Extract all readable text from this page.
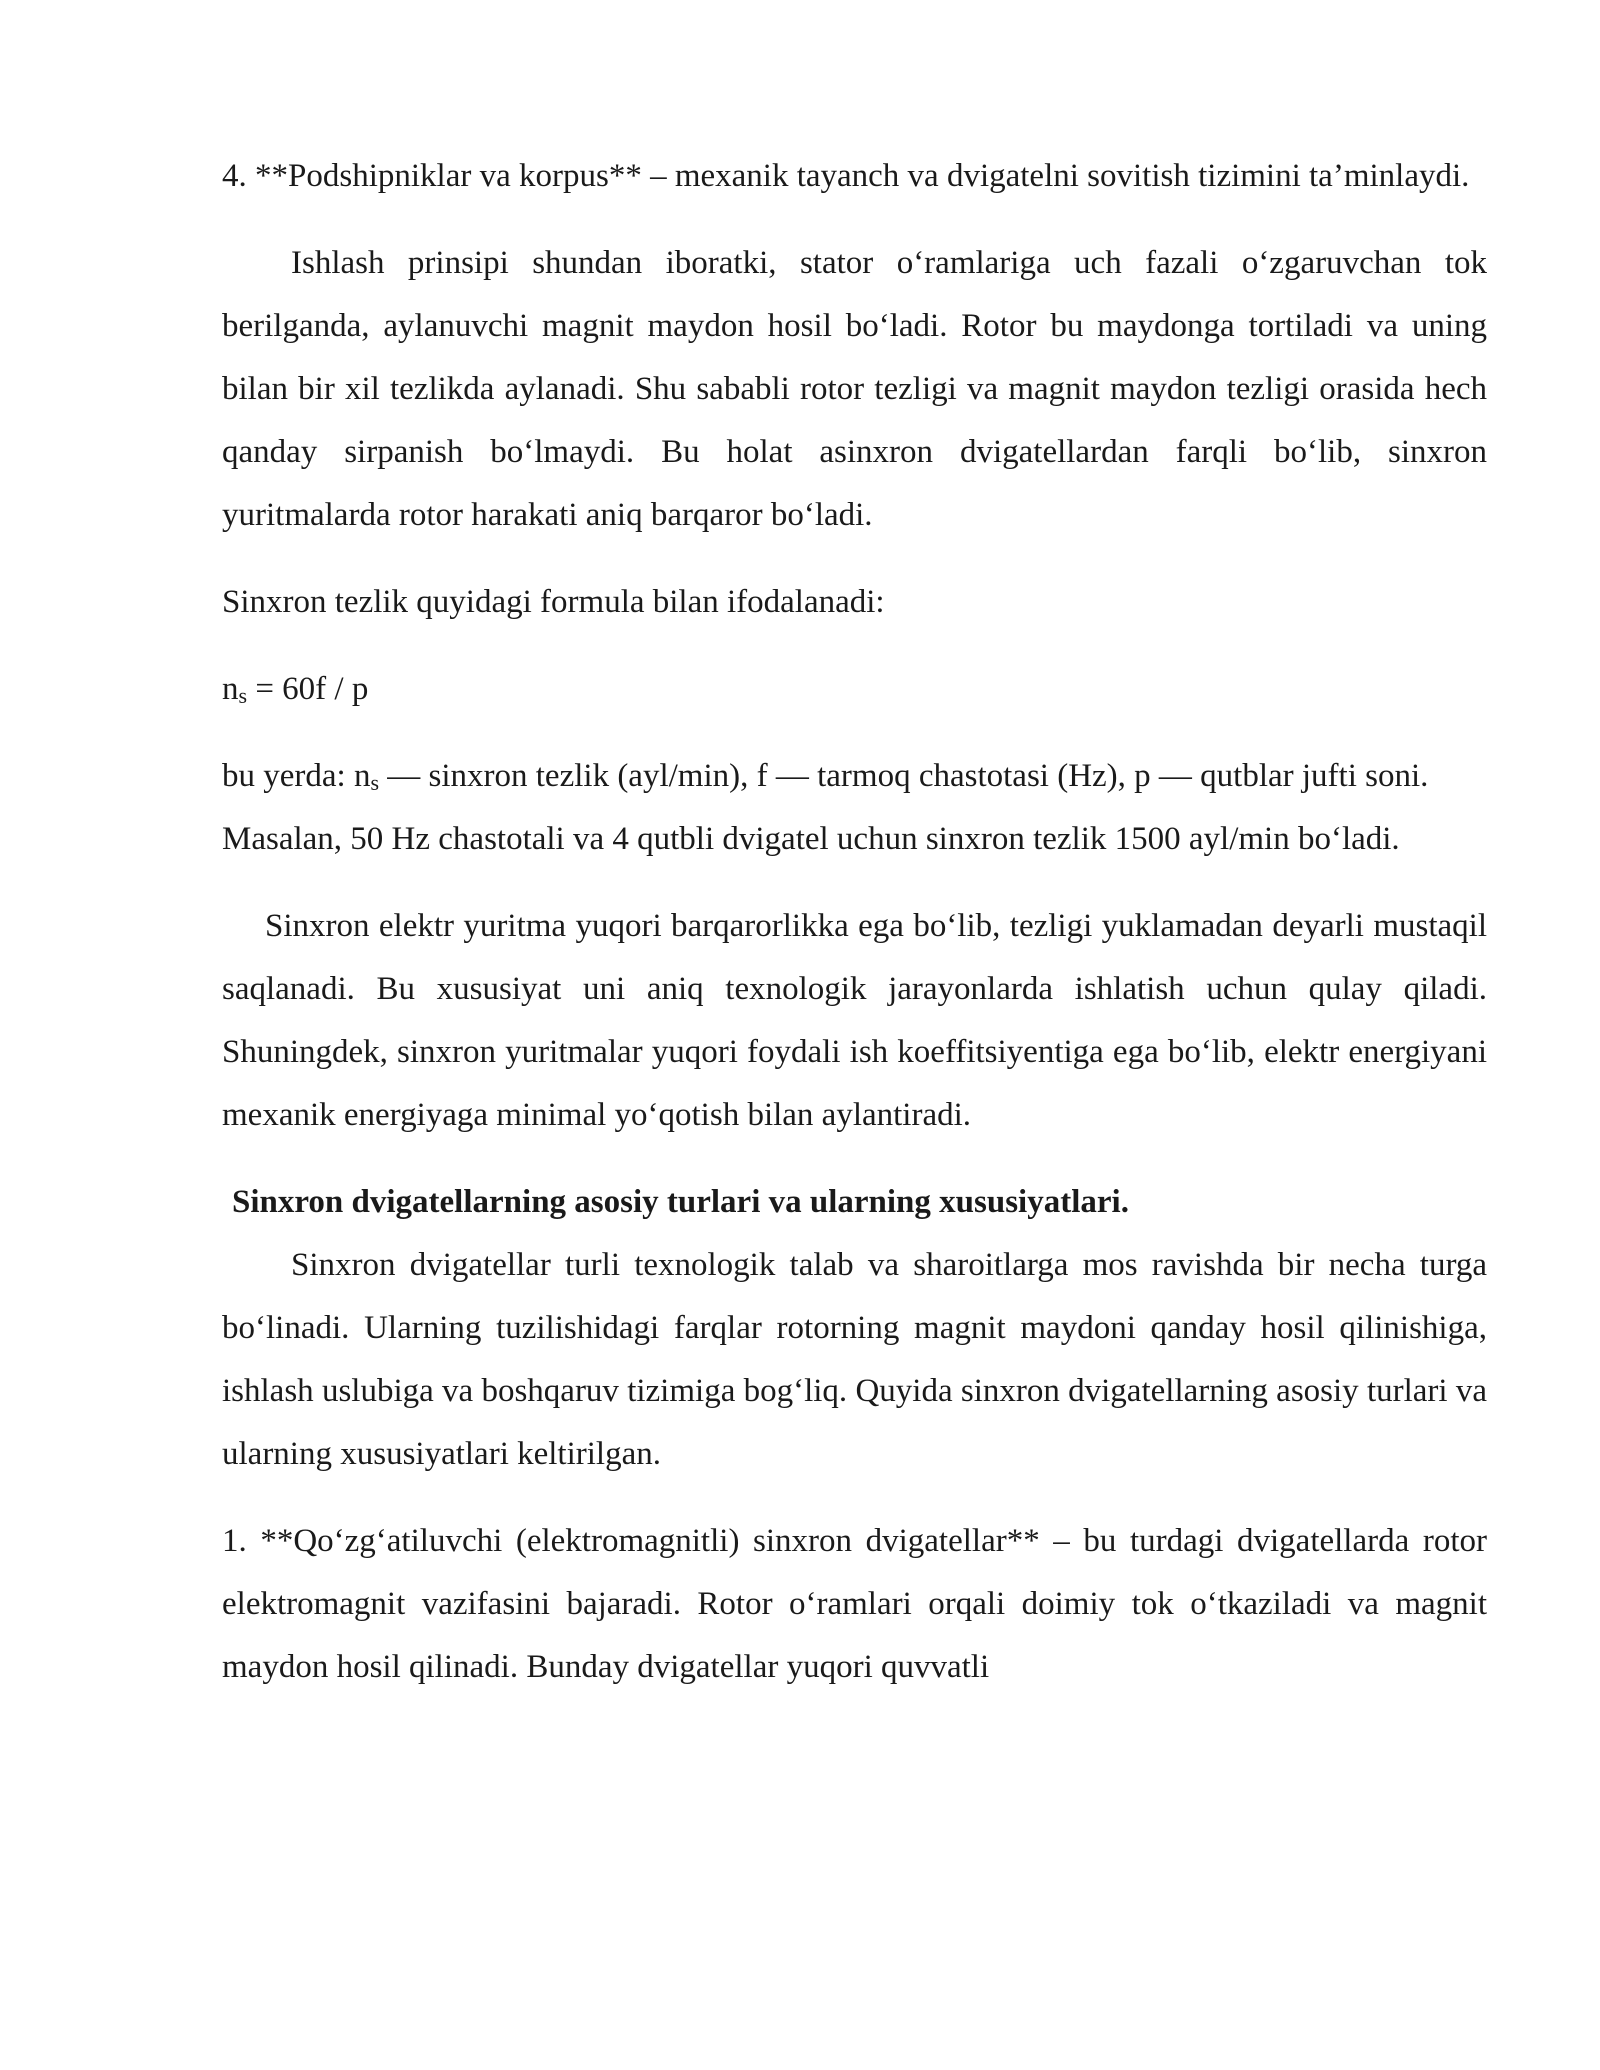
4. **Podshipniklar va korpus** – mexanik tayanch va dvigatelni sovitish tizimini ta’minlaydi.

Ishlash prinsipi shundan iboratki, stator o‘ramlariga uch fazali o‘zgaruvchan tok berilganda, aylanuvchi magnit maydon hosil bo‘ladi. Rotor bu maydonga tortiladi va uning bilan bir xil tezlikda aylanadi. Shu sababli rotor tezligi va magnit maydon tezligi orasida hech qanday sirpanish bo‘lmaydi. Bu holat asinxron dvigatellardan farqli bo‘lib, sinxron yuritmalarda rotor harakati aniq barqaror bo‘ladi.

Sinxron tezlik quyidagi formula bilan ifodalanadi:

$n_s = 60f / p$

bu yerda: $n_s$ — sinxron tezlik (ayl/min), f — tarmoq chastotasi (Hz), p — qutblar jufti soni.

Masalan, 50 Hz chastotali va 4 qutbli dvigatel uchun sinxron tezlik 1500 ayl/min bo‘ladi.

Sinxron elektr yuritma yuqori barqarorlikka ega bo‘lib, tezligi yuklamadan deyarli mustaqil saqlanadi. Bu xususiyat uni aniq texnologik jarayonlarda ishlatish uchun qulay qiladi. Shuningdek, sinxron yuritmalar yuqori foydali ish koeffitsiyentiga ega bo‘lib, elektr energiyani mexanik energiyaga minimal yo‘qotish bilan aylantiradi.

Sinxron dvigatellarning asosiy turlari va ularning xususiyatlari.

Sinxron dvigatellar turli texnologik talab va sharoitlarga mos ravishda bir necha turga bo‘linadi. Ularning tuzilishidagi farqlar rotorning magnit maydoni qanday hosil qilinishiga, ishlash uslubiga va boshqaruv tizimiga bog‘liq. Quyida sinxron dvigatellarning asosiy turlari va ularning xususiyatlari keltirilgan.

1. **Qo‘zg‘atiluvchi (elektromagnitli) sinxron dvigatellar** – bu turdagi dvigatellarda rotor elektromagnit vazifasini bajaradi. Rotor o‘ramlari orqali doimiy tok o‘tkaziladi va magnit maydon hosil qilinadi. Bunday dvigatellar yuqori quvvatli
